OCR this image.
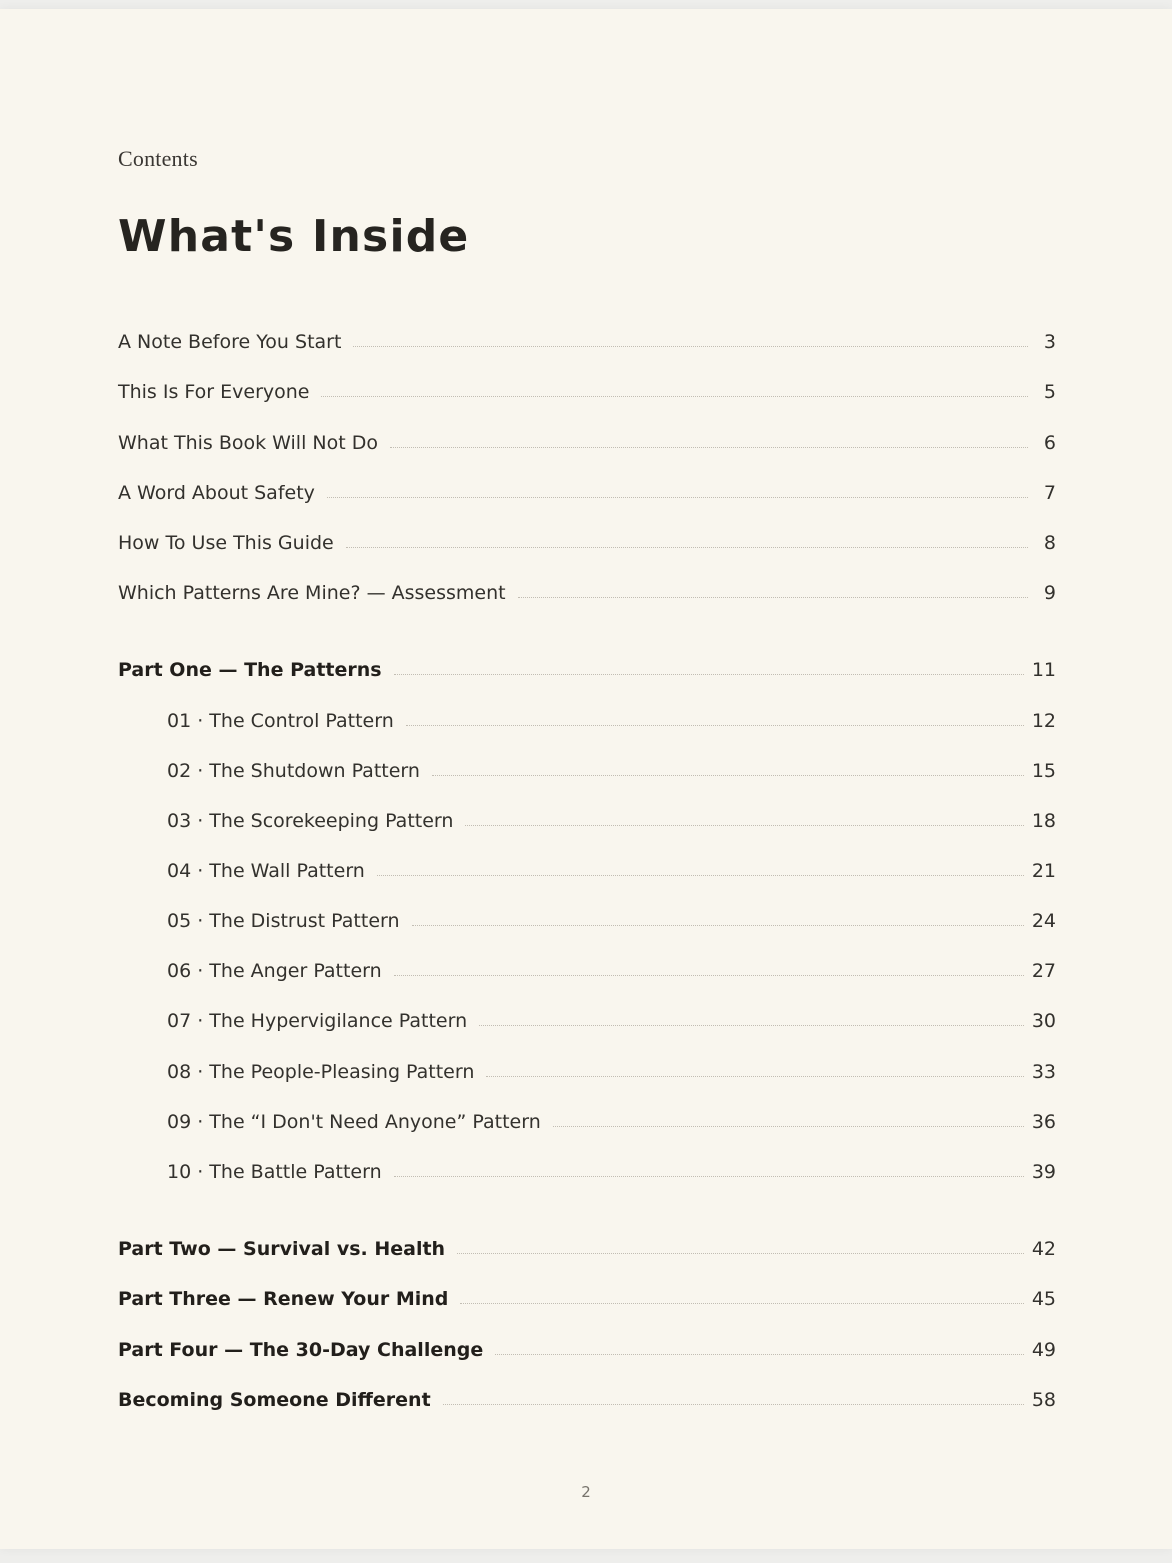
Contents
What's Inside
A Note Before You Start	3
This Is For Everyone	5
What This Book Will Not Do	6
A Word About Safety	7
How To Use This Guide	8
Which Patterns Are Mine? — Assessment	9
Part One — The Patterns	11
01 · The Control Pattern	12
02 · The Shutdown Pattern	15
03 · The Scorekeeping Pattern	18
04 · The Wall Pattern	21
05 · The Distrust Pattern	24
06 · The Anger Pattern	27
07 · The Hypervigilance Pattern	30
08 · The People-Pleasing Pattern	33
09 · The “I Don't Need Anyone” Pattern	36
10 · The Battle Pattern	39
Part Two — Survival vs. Health	42
Part Three — Renew Your Mind	45
Part Four — The 30-Day Challenge	49
Becoming Someone Different	58
2
